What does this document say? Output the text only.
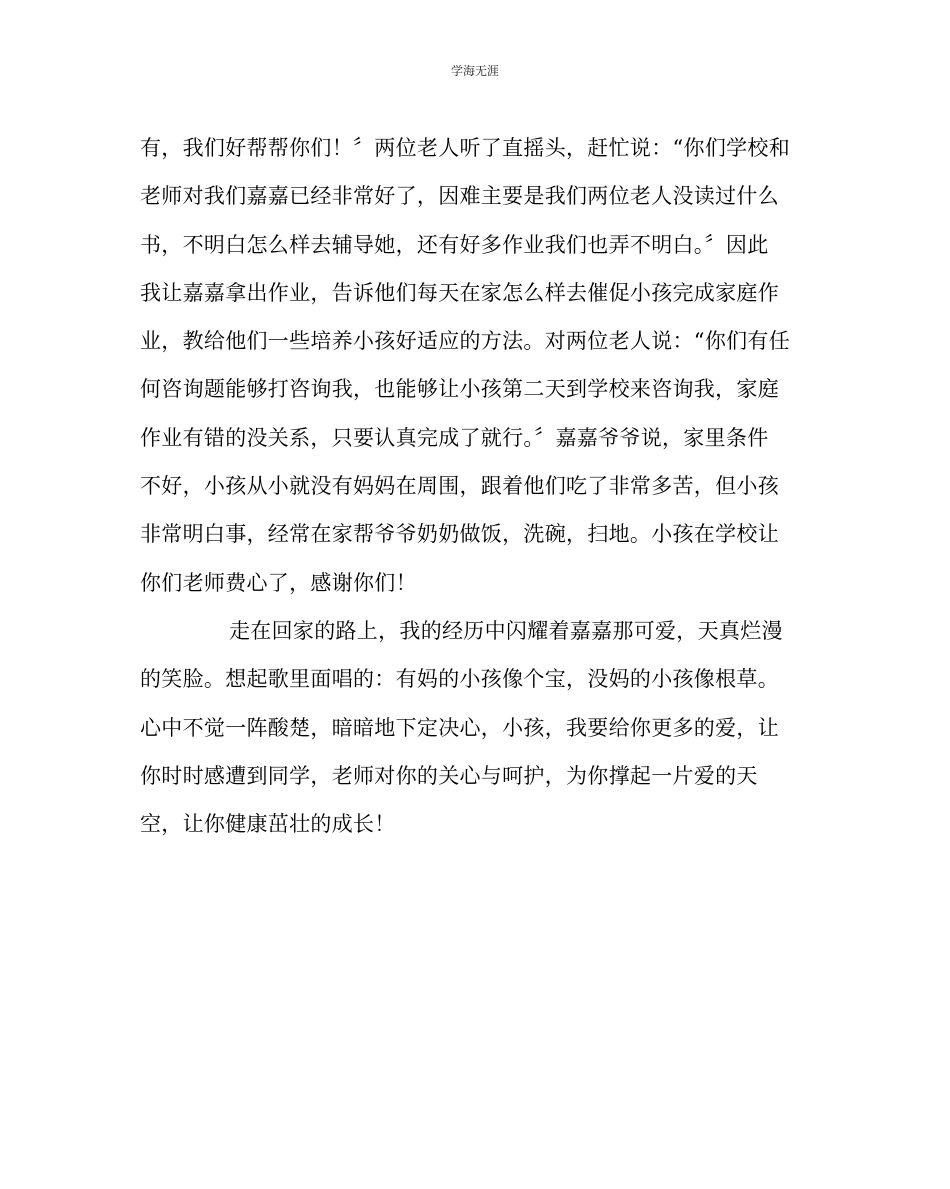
学海无涯
有，我们好帮帮你们！〞两位老人听了直摇头，赶忙说：“你们学校和
老师对我们嘉嘉已经非常好了，因难主要是我们两位老人没读过什么
书，不明白怎么样去辅导她，还有好多作业我们也弄不明白。〞因此
我让嘉嘉拿出作业，告诉他们每天在家怎么样去催促小孩完成家庭作
业，教给他们一些培养小孩好适应的方法。对两位老人说：“你们有任
何咨询题能够打咨询我，也能够让小孩第二天到学校来咨询我，家庭
作业有错的没关系，只要认真完成了就行。〞嘉嘉爷爷说，家里条件
不好，小孩从小就没有妈妈在周围，跟着他们吃了非常多苦，但小孩
非常明白事，经常在家帮爷爷奶奶做饭，洗碗，扫地。小孩在学校让
你们老师费心了，感谢你们！
走在回家的路上，我的经历中闪耀着嘉嘉那可爱，天真烂漫
的笑脸。想起歌里面唱的：有妈的小孩像个宝，没妈的小孩像根草。
心中不觉一阵酸楚，暗暗地下定决心，小孩，我要给你更多的爱，让
你时时感遭到同学，老师对你的关心与呵护，为你撑起一片爱的天
空，让你健康茁壮的成长！
